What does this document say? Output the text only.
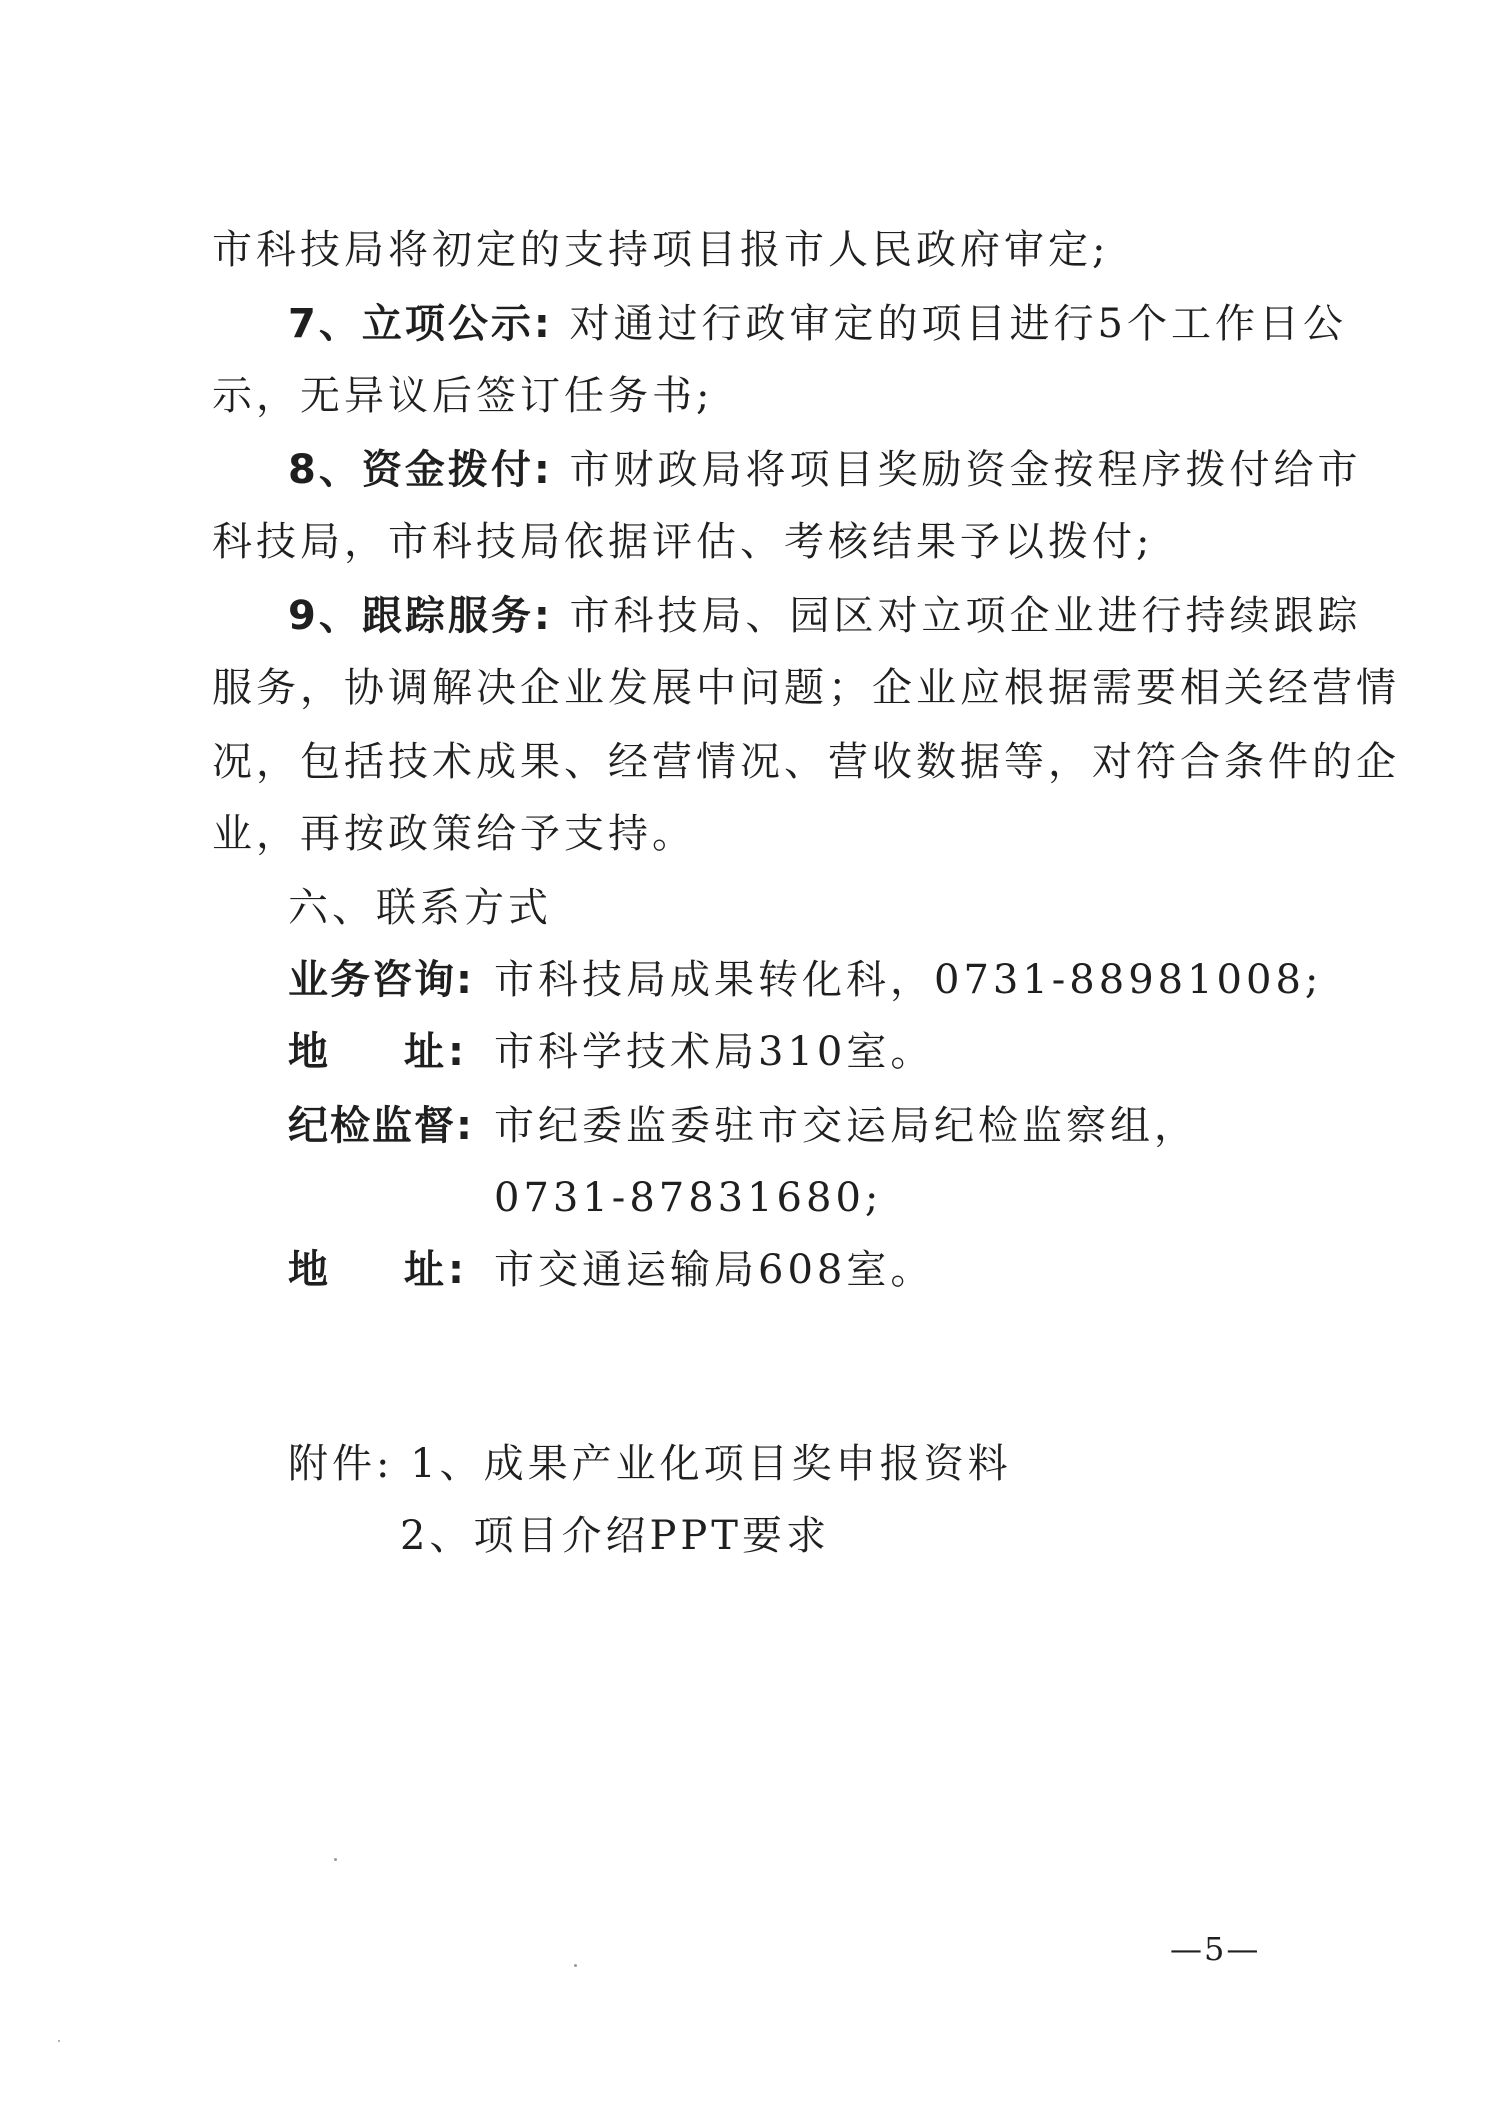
市科技局将初定的支持项目报市人民政府审定;
7、立项公示: 对通过行政审定的项目进行5个工作日公
示，无异议后签订任务书;
8、资金拨付: 市财政局将项目奖励资金按程序拨付给市
科技局，市科技局依据评估、考核结果予以拨付;
9、跟踪服务: 市科技局、园区对立项企业进行持续跟踪
服务，协调解决企业发展中问题；企业应根据需要相关经营情
况，包括技术成果、经营情况、营收数据等，对符合条件的企
业，再按政策给予支持。
六、联系方式
业务咨询: 市科技局成果转化科，0731-88981008;
地 址: 市科学技术局310室。
纪检监督: 市纪委监委驻市交运局纪检监察组，
0731-87831680;
地 址: 市交通运输局608室。
附件: 1、成果产业化项目奖申报资料
2、项目介绍PPT要求
—5—
